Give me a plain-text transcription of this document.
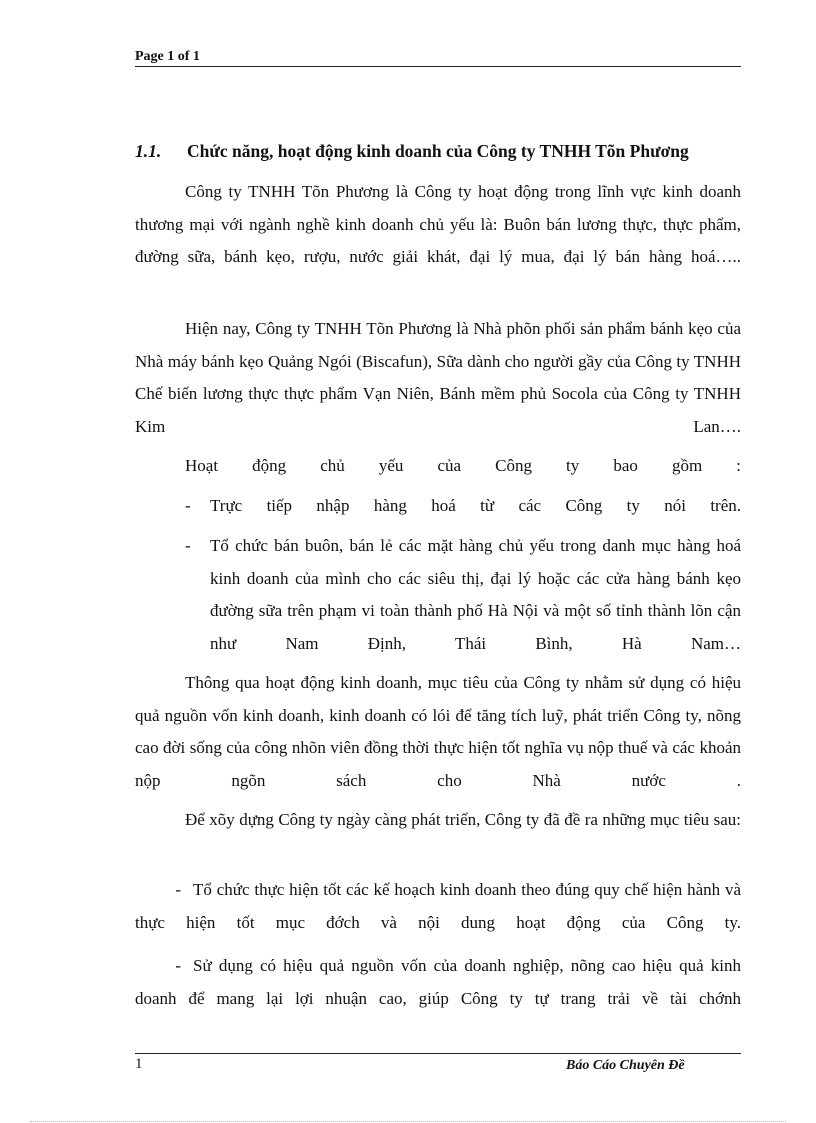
Page 1 of 1
1.1. Chức năng, hoạt động kinh doanh của Công ty TNHH Tõn Phương
Công ty TNHH Tõn Phương là Công ty hoạt động trong lĩnh vực kinh doanh thương mại với ngành nghề kinh doanh chủ yếu là: Buôn bán lương thực, thực phẩm, đường sữa, bánh kẹo, rượu, nước giải khát, đại lý mua, đại lý bán hàng hoá…..
Hiện nay, Công ty TNHH Tõn Phương là Nhà phõn phối sản phẩm bánh kẹo của Nhà máy bánh kẹo Quảng Ngói (Biscafun), Sữa dành cho người gầy của Công ty TNHH Chế biến lương thực thực phẩm Vạn Niên, Bánh mềm phủ Socola của Công ty TNHH Kim Lan….
Hoạt động chủ yếu của Công ty bao gồm :
- Trực tiếp nhập hàng hoá từ các Công ty nói trên.
- Tổ chức bán buôn, bán lẻ các mặt hàng chủ yếu trong danh mục hàng hoá kinh doanh của mình cho các siêu thị, đại lý hoặc các cửa hàng bánh kẹo đường sữa trên phạm vi toàn thành phố Hà Nội và một số tỉnh thành lõn cận như Nam Định, Thái Bình, Hà Nam…
Thông qua hoạt động kinh doanh, mục tiêu của Công ty nhằm sử dụng có hiệu quả nguồn vốn kinh doanh, kinh doanh có lói để tăng tích luỹ, phát triển Công ty, nõng cao đời sống của công nhõn viên đồng thời thực hiện tốt nghĩa vụ nộp thuế và các khoản nộp ngõn sách cho Nhà nước .
Để xõy dựng Công ty ngày càng phát triển, Công ty đã đề ra những mục tiêu sau:
- Tổ chức thực hiện tốt các kế hoạch kinh doanh theo đúng quy chế hiện hành và thực hiện tốt mục đớch và nội dung hoạt động của Công ty.
- Sử dụng có hiệu quả nguồn vốn của doanh nghiệp, nõng cao hiệu quả kinh doanh để mang lại lợi nhuận cao, giúp Công ty tự trang trải về tài chớnh
1	Báo Cáo Chuyên Đề
